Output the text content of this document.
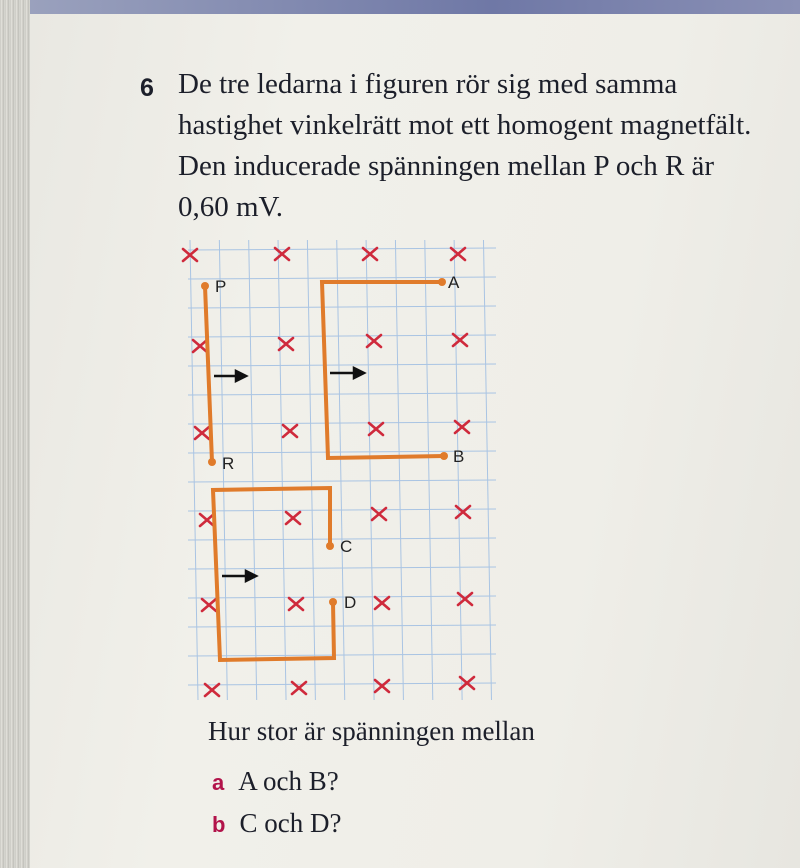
6 De tre ledarna i figuren rör sig med samma
hastighet vinkelrätt mot ett homogent magnetfält.
Den inducerade spänningen mellan P och R är
0,60 mV.
P
R
A
B
C
D
Hur stor är spänningen mellan
a A och B?
b C och D?
